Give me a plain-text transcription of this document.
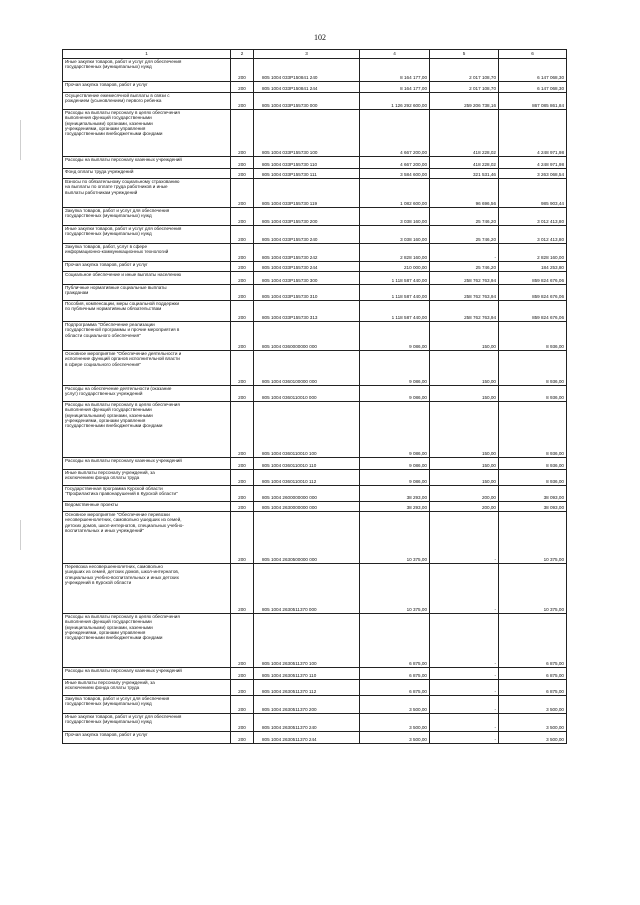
102
1	2	3	4	5	6
Иные закупки товаров, работ и услуг для обеспечения
государственных (муниципальных) нужд	200	805 1004 033P150841 240	8 164 177,00	2 017 108,70	6 147 068,30
Прочая закупка товаров, работ и услуг	200	805 1004 033P150841 244	8 164 177,00	2 017 108,70	6 147 068,30
Осуществление ежемесячной выплаты в связи с
рождением (усыновлением) первого ребенка	200	805 1004 033P155730 000	1 126 292 600,00	259 206 738,16	867 085 861,84
Расходы на выплаты персоналу в целях обеспечения
выполнения функций государственными
(муниципальными) органами, казенными
учреждениями, органами управления
государственными внебюджетными фондами	200	805 1004 033P155730 100	4 667 200,00	418 228,02	4 248 971,98
Расходы на выплаты персоналу казенных учреждений	200	805 1004 033P155730 110	4 667 200,00	418 228,02	4 248 971,98
Фонд оплаты труда учреждений	200	805 1004 033P155730 111	3 584 600,00	321 531,46	3 263 068,54
Взносы по обязательному социальному страхованию
на выплаты по оплате труда работников и иные
выплаты работникам учреждений	200	805 1004 033P155730 119	1 082 600,00	96 696,56	985 903,44
Закупка товаров, работ и услуг для обеспечения
государственных (муниципальных) нужд	200	805 1004 033P155730 200	3 038 160,00	25 746,20	3 012 413,80
Иные закупки товаров, работ и услуг для обеспечения
государственных (муниципальных) нужд	200	805 1004 033P155730 240	3 038 160,00	25 746,20	3 012 413,80
Закупка товаров, работ, услуг в сфере
информационно-коммуникационных технологий	200	805 1004 033P155730 242	2 828 160,00	-	2 828 160,00
Прочая закупка товаров, работ и услуг	200	805 1004 033P155730 244	210 000,00	25 746,20	184 253,80
Социальное обеспечение и иные выплаты населению	200	805 1004 033P155730 300	1 118 587 440,00	258 762 763,94	859 824 676,06
Публичные нормативные социальные выплаты
гражданам	200	805 1004 033P155730 310	1 118 587 440,00	258 762 763,94	859 824 676,06
Пособия, компенсации, меры социальной поддержки
по публичным нормативным обязательствам	200	805 1004 033P155730 313	1 118 587 440,00	258 762 763,94	859 824 676,06
Подпрограмма "Обеспечение реализации
государственной программы и прочие мероприятия в
области социального обеспечения"	200	805 1004 0360000000 000	9 086,00	150,00	8 936,00
Основное мероприятие "Обеспечение деятельности и
исполнение функций органов исполнительной власти
в сфере социального обеспечения"	200	805 1004 0360100000 000	9 086,00	150,00	8 936,00
Расходы на обеспечение деятельности (оказание
услуг) государственных учреждений	200	805 1004 0360110010 000	9 086,00	150,00	8 936,00
Расходы на выплаты персоналу в целях обеспечения
выполнения функций государственными
(муниципальными) органами, казенными
учреждениями, органами управления
государственными внебюджетными фондами	200	805 1004 0360110010 100	9 086,00	150,00	8 936,00
Расходы на выплаты персоналу казенных учреждений	200	805 1004 0360110010 110	9 086,00	150,00	8 936,00
Иные выплаты персоналу учреждений, за
исключением фонда оплаты труда	200	805 1004 0360110010 112	9 086,00	150,00	8 936,00
Государственная программа Курской области
"Профилактика правонарушений в Курской области"	200	805 1004 2600000000 000	38 293,00	200,00	38 093,00
Ведомственные проекты	200	805 1004 2630000000 000	38 293,00	200,00	38 093,00
Основное мероприятие "Обеспечение перевозки
несовершеннолетних, самовольно ушедших из семей,
детских домов, школ-интернатов, специальных учебно-
воспитательных и иных учреждений"	200	805 1004 2630500000 000	10 375,00	-	10 375,00
Перевозка несовершеннолетних, самовольно
ушедших из семей, детских домов, школ-интернатов,
специальных учебно-воспитательных и иных детских
учреждений в Курской области	200	805 1004 2630511370 000	10 375,00	-	10 375,00
Расходы на выплаты персоналу в целях обеспечения
выполнения функций государственными
(муниципальными) органами, казенными
учреждениями, органами управления
государственными внебюджетными фондами	200	805 1004 2630511370 100	6 875,00	-	6 875,00
Расходы на выплаты персоналу казенных учреждений	200	805 1004 2630511370 110	6 875,00	-	6 875,00
Иные выплаты персоналу учреждений, за
исключением фонда оплаты труда	200	805 1004 2630511370 112	6 875,00	-	6 875,00
Закупка товаров, работ и услуг для обеспечения
государственных (муниципальных) нужд	200	805 1004 2630511370 200	3 500,00	-	3 500,00
Иные закупки товаров, работ и услуг для обеспечения
государственных (муниципальных) нужд	200	805 1004 2630511370 240	3 500,00	-	3 500,00
Прочая закупка товаров, работ и услуг	200	805 1004 2630511370 244	3 500,00	-	3 500,00
